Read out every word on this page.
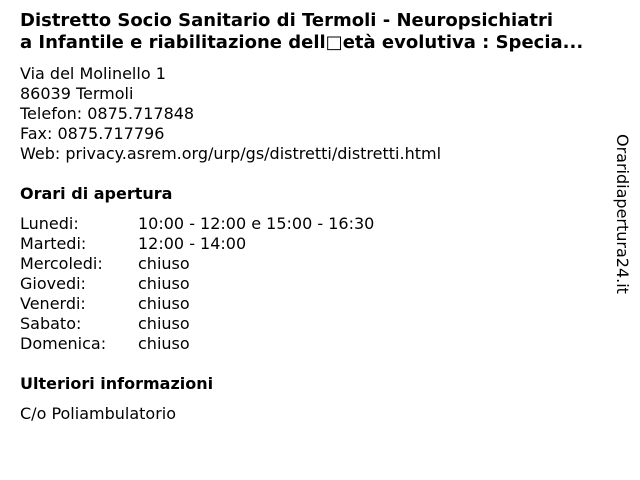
Distretto Socio Sanitario di Termoli - Neuropsichiatri
a Infantile e riabilitazione dell□età evolutiva : Specia...
Via del Molinello 1
86039 Termoli
Telefon: 0875.717848
Fax: 0875.717796
Web: privacy.asrem.org/urp/gs/distretti/distretti.html
Orari di apertura
Lunedi:	10:00 - 12:00 e 15:00 - 16:30
Martedi:	12:00 - 14:00
Mercoledi: chiuso
Giovedi:	chiuso
Venerdi:	chiuso
Sabato:	chiuso
Domenica: chiuso
Ulteriori informazioni
C/o Poliambulatorio
Oraridiapertura24.it
